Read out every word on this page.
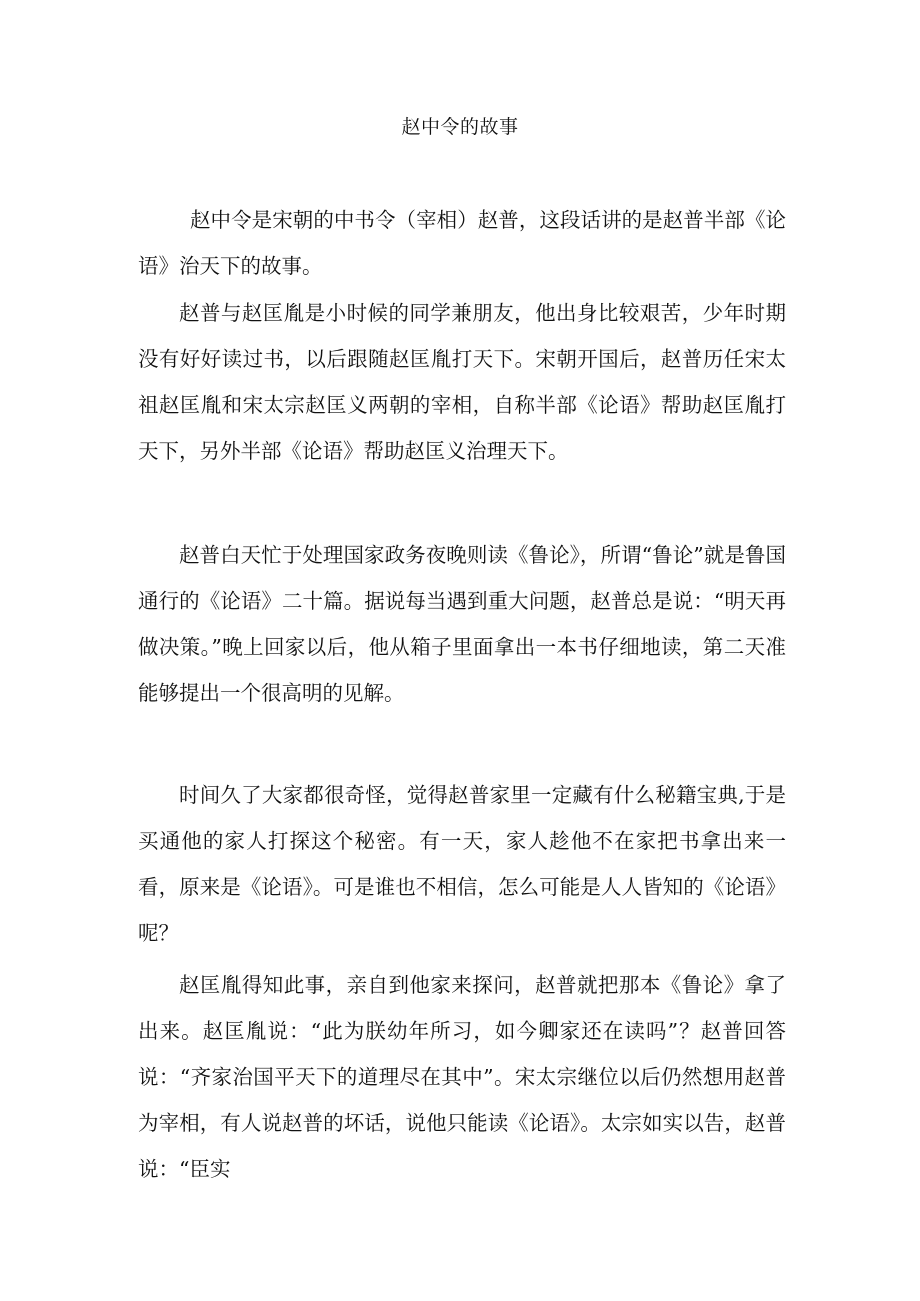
赵中令的故事

赵中令是宋朝的中书令（宰相）赵普，这段话讲的是赵普半部《论语》治天下的故事。

赵普与赵匡胤是小时候的同学兼朋友，他出身比较艰苦，少年时期没有好好读过书，以后跟随赵匡胤打天下。宋朝开国后，赵普历任宋太祖赵匡胤和宋太宗赵匡义两朝的宰相，自称半部《论语》帮助赵匡胤打天下，另外半部《论语》帮助赵匡义治理天下。

赵普白天忙于处理国家政务夜晚则读《鲁论》，所谓“鲁论”就是鲁国通行的《论语》二十篇。据说每当遇到重大问题，赵普总是说：“明天再做决策。”晚上回家以后，他从箱子里面拿出一本书仔细地读，第二天准能够提出一个很高明的见解。

时间久了大家都很奇怪，觉得赵普家里一定藏有什么秘籍宝典,于是买通他的家人打探这个秘密。有一天，家人趁他不在家把书拿出来一看，原来是《论语》。可是谁也不相信，怎么可能是人人皆知的《论语》呢？

赵匡胤得知此事，亲自到他家来探问，赵普就把那本《鲁论》拿了出来。赵匡胤说：“此为朕幼年所习，如今卿家还在读吗”？赵普回答说：“齐家治国平天下的道理尽在其中”。宋太宗继位以后仍然想用赵普为宰相，有人说赵普的坏话，说他只能读《论语》。太宗如实以告，赵普说：“臣实
